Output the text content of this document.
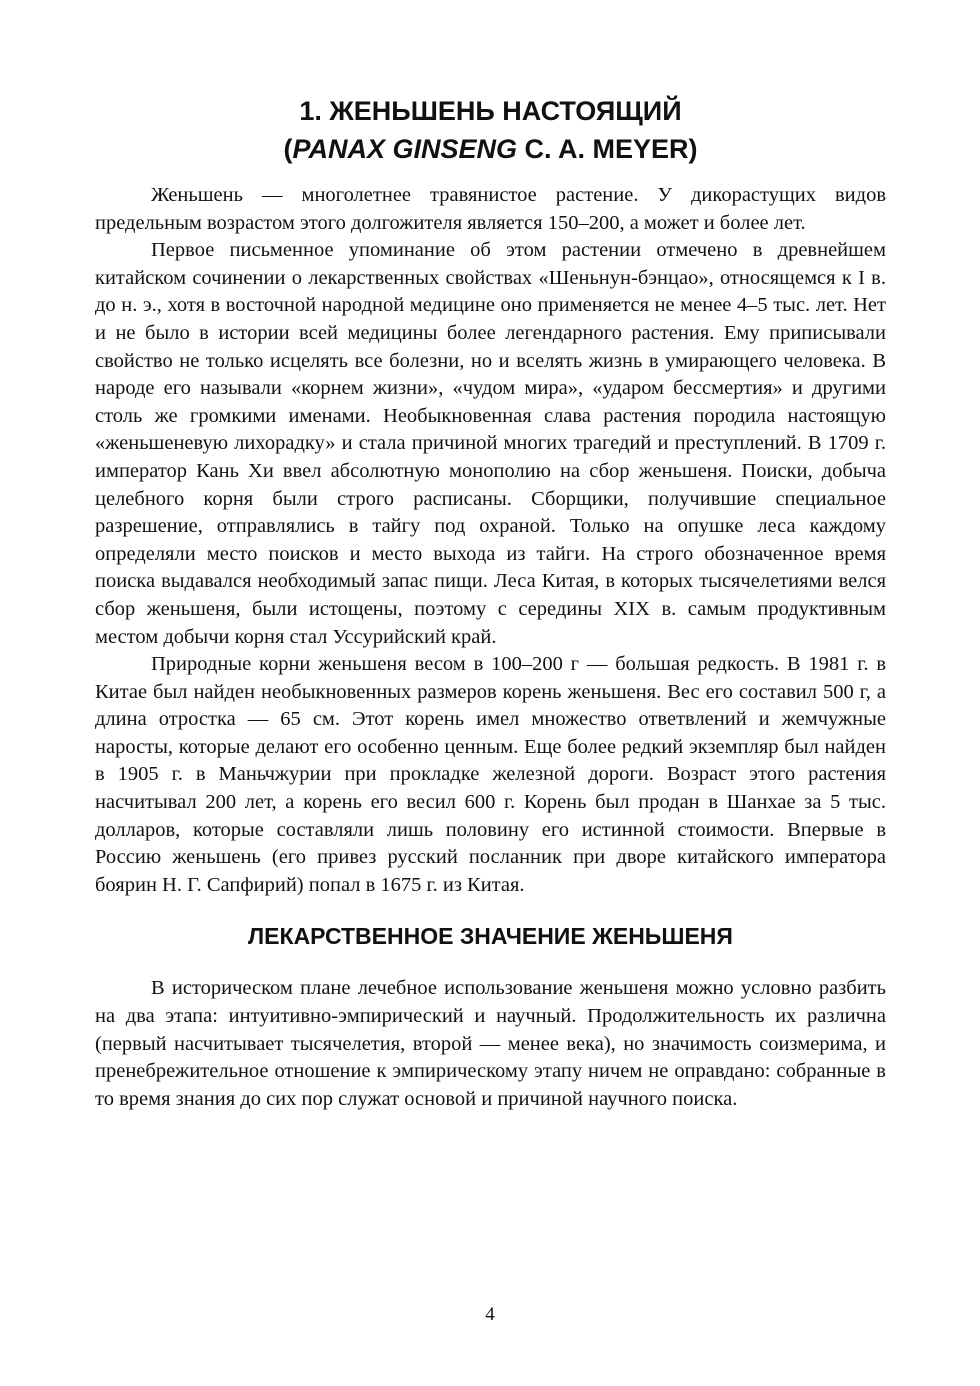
1. ЖЕНЬШЕНЬ НАСТОЯЩИЙ
(PANAX GINSENG C. A. MEYER)

Женьшень — многолетнее травянистое растение. У дикорастущих видов предельным возрастом этого долгожителя является 150–200, а может и более лет.

Первое письменное упоминание об этом растении отмечено в древнейшем китайском сочинении о лекарственных свойствах «Шеньнун-бэнцао», относящемся к I в. до н. э., хотя в восточной народной медицине оно применяется не менее 4–5 тыс. лет. Нет и не было в истории всей медицины более легендарного растения. Ему приписывали свойство не только исцелять все болезни, но и вселять жизнь в умирающего человека. В народе его называли «корнем жизни», «чудом мира», «ударом бессмертия» и другими столь же громкими именами. Необыкновенная слава растения породила настоящую «женьшеневую лихорадку» и стала причиной многих трагедий и преступлений. В 1709 г. император Кань Хи ввел абсолютную монополию на сбор женьшеня. Поиски, добыча целебного корня были строго расписаны. Сборщики, получившие специальное разрешение, отправлялись в тайгу под охраной. Только на опушке леса каждому определяли место поисков и место выхода из тайги. На строго обозначенное время поиска выдавался необходимый запас пищи. Леса Китая, в которых тысячелетиями велся сбор женьшеня, были истощены, поэтому с середины XIX в. самым продуктивным местом добычи корня стал Уссурийский край.

Природные корни женьшеня весом в 100–200 г — большая редкость. В 1981 г. в Китае был найден необыкновенных размеров корень женьшеня. Вес его составил 500 г, а длина отростка — 65 см. Этот корень имел множество ответвлений и жемчужные наросты, которые делают его особенно ценным. Еще более редкий экземпляр был найден в 1905 г. в Маньчжурии при прокладке железной дороги. Возраст этого растения насчитывал 200 лет, а корень его весил 600 г. Корень был продан в Шанхае за 5 тыс. долларов, которые составляли лишь половину его истинной стоимости. Впервые в Россию женьшень (его привез русский посланник при дворе китайского императора боярин Н. Г. Сапфирий) попал в 1675 г. из Китая.

ЛЕКАРСТВЕННОЕ ЗНАЧЕНИЕ ЖЕНЬШЕНЯ

В историческом плане лечебное использование женьшеня можно условно разбить на два этапа: интуитивно-эмпирический и научный. Продолжительность их различна (первый насчитывает тысячелетия, второй — менее века), но значимость соизмерима, и пренебрежительное отношение к эмпирическому этапу ничем не оправдано: собранные в то время знания до сих пор служат основой и причиной научного поиска.

4
